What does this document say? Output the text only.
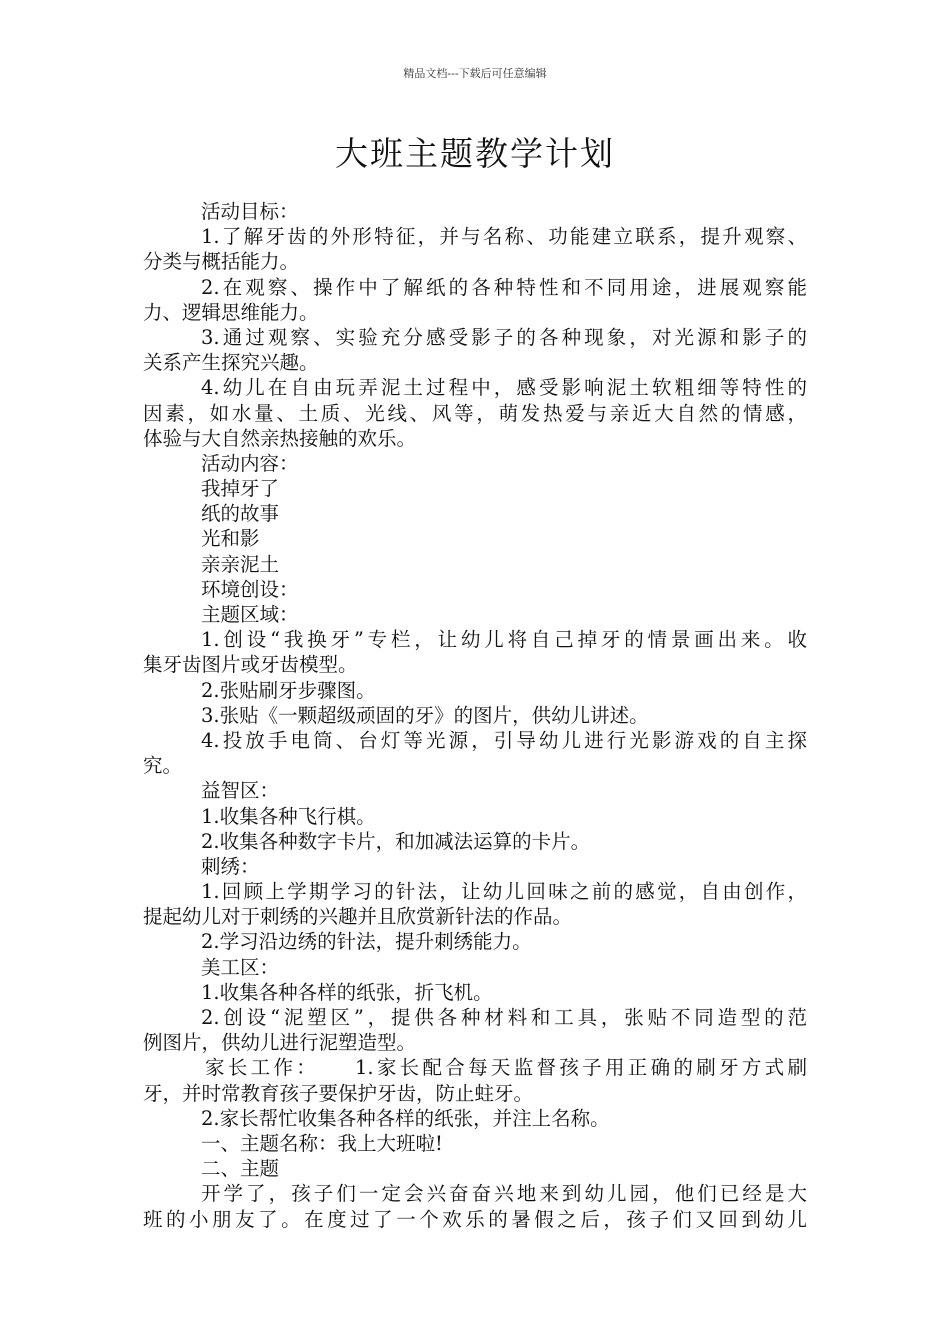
精品文档---下载后可任意编辑
大班主题教学计划
活动目标：
1.了解牙齿的外形特征，并与名称、功能建立联系，提升观察、
分类与概括能力。
2.在观察、操作中了解纸的各种特性和不同用途，进展观察能
力、逻辑思维能力。
3.通过观察、实验充分感受影子的各种现象，对光源和影子的
关系产生探究兴趣。
4.幼儿在自由玩弄泥土过程中，感受影响泥土软粗细等特性的
因素，如水量、土质、光线、风等，萌发热爱与亲近大自然的情感，
体验与大自然亲热接触的欢乐。
活动内容：
我掉牙了
纸的故事
光和影
亲亲泥土
环境创设：
主题区域：
1.创设“我换牙”专栏，让幼儿将自己掉牙的情景画出来。收
集牙齿图片或牙齿模型。
2.张贴刷牙步骤图。
3.张贴《一颗超级顽固的牙》的图片，供幼儿讲述。
4.投放手电筒、台灯等光源，引导幼儿进行光影游戏的自主探
究。
益智区：
1.收集各种飞行棋。
2.收集各种数字卡片，和加减法运算的卡片。
刺绣：
1.回顾上学期学习的针法，让幼儿回味之前的感觉，自由创作，
提起幼儿对于刺绣的兴趣并且欣赏新针法的作品。
2.学习沿边绣的针法，提升刺绣能力。
美工区：
1.收集各种各样的纸张，折飞机。
2.创设“泥塑区”，提供各种材料和工具，张贴不同造型的范
例图片，供幼儿进行泥塑造型。
家长工作：　　1.家长配合每天监督孩子用正确的刷牙方式刷
牙，并时常教育孩子要保护牙齿，防止蛀牙。
2.家长帮忙收集各种各样的纸张，并注上名称。
一、主题名称：我上大班啦!
二、主题
开学了，孩子们一定会兴奋奋兴地来到幼儿园，他们已经是大
班的小朋友了。在度过了一个欢乐的暑假之后，孩子们又回到幼儿
